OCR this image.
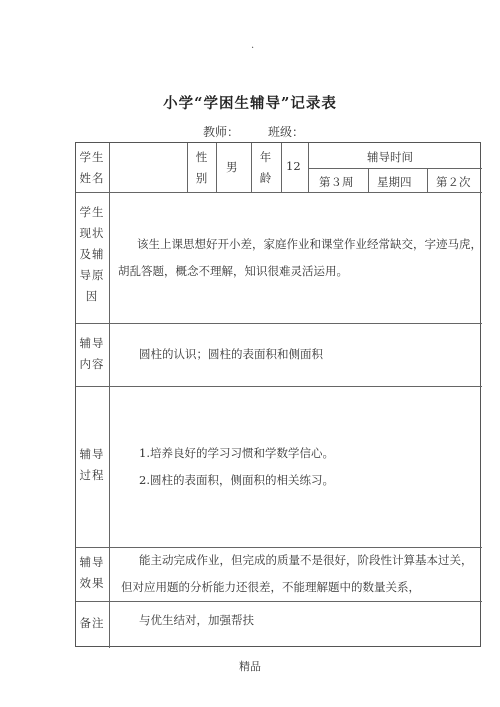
.
小学“学困生辅导”记录表
教师： 班级：
学生
姓名
性
别
男
年
龄
12
辅导时间
第３周 星期四 第２次
学生
现状
及辅
导原
因
该生上课思想好开小差，家庭作业和课堂作业经常缺交，字迹马虎，
胡乱答题，概念不理解，知识很难灵活运用。
辅导
内容
圆柱的认识；圆柱的表面积和侧面积
辅导
过程
1.培养良好的学习习惯和学数学信心。
2.圆柱的表面积，侧面积的相关练习。
辅导
效果
能主动完成作业，但完成的质量不是很好，阶段性计算基本过关，
但对应用题的分析能力还很差，不能理解题中的数量关系，
备注	与优生结对，加强帮扶
精品
